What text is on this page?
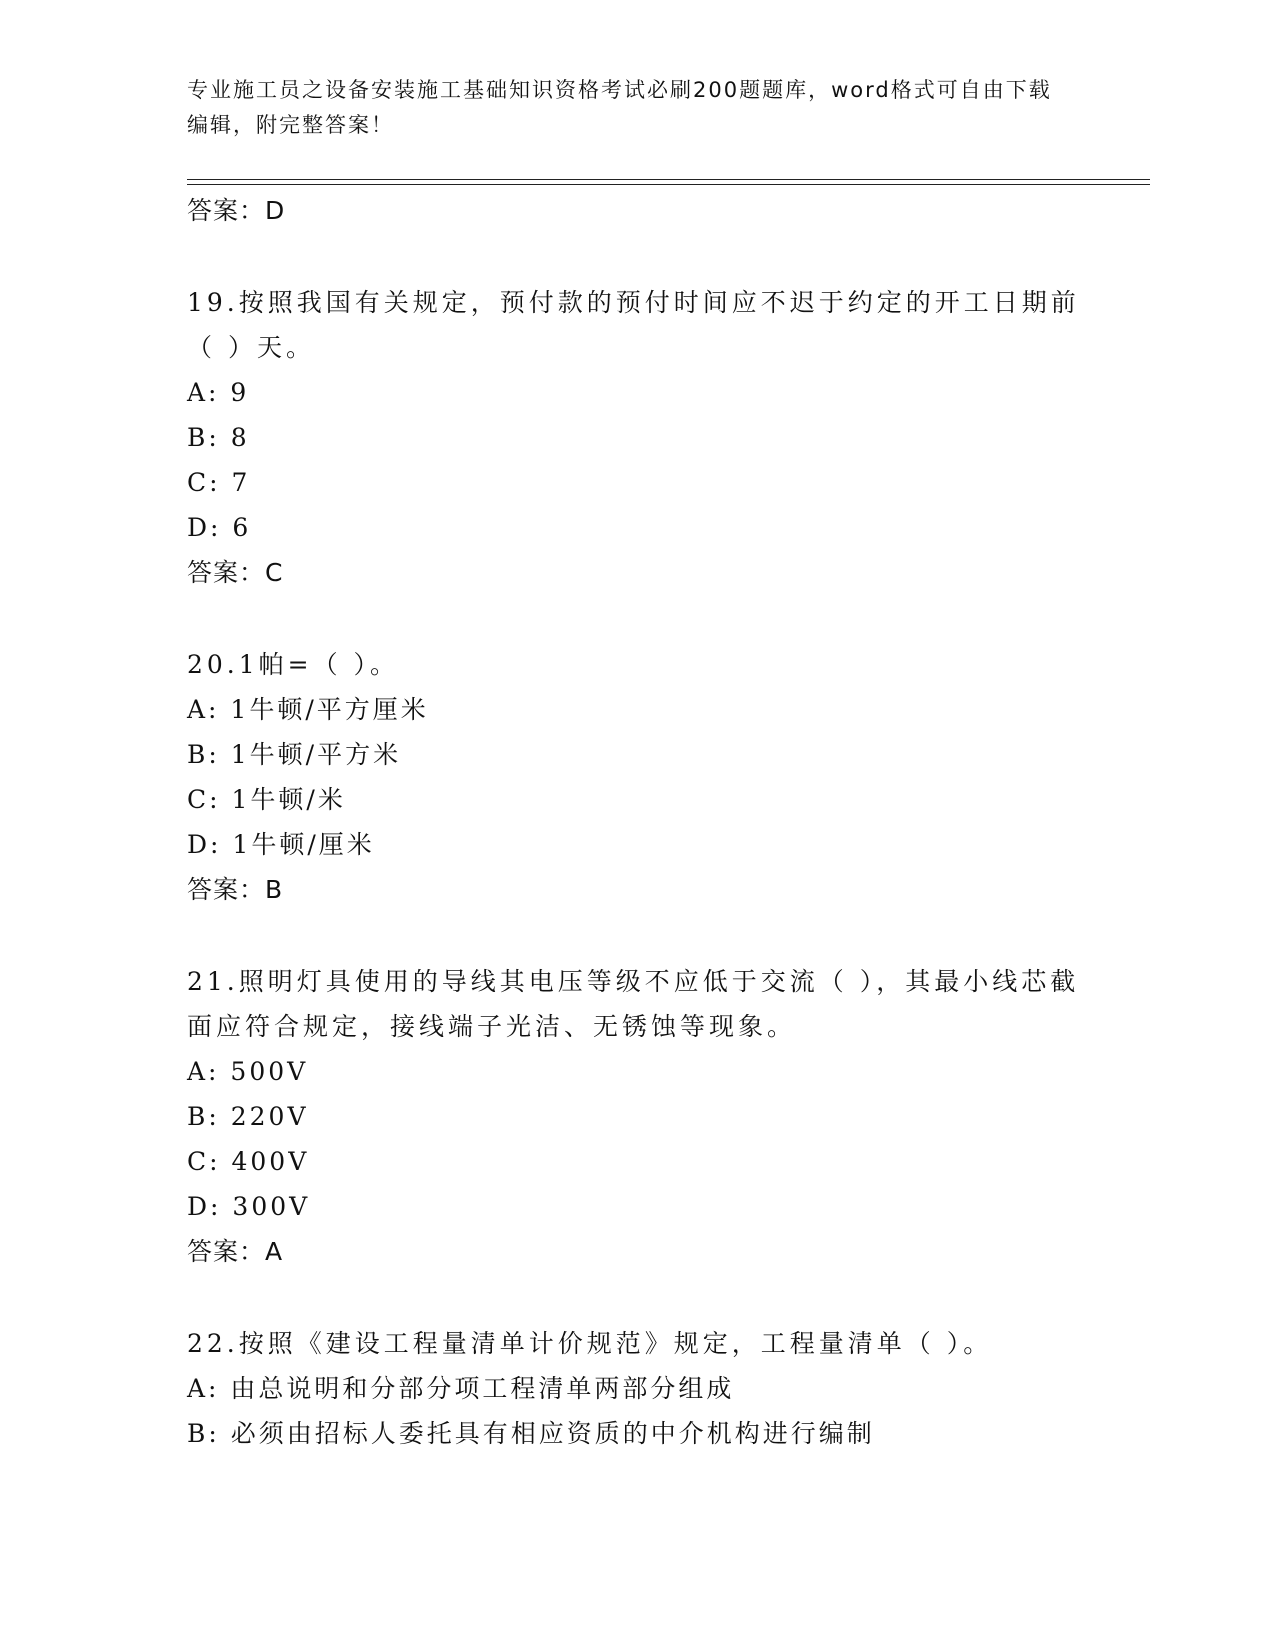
专业施工员之设备安装施工基础知识资格考试必刷200题题库，word格式可自由下载编辑，附完整答案！
答案：D
19.按照我国有关规定，预付款的预付时间应不迟于约定的开工日期前（ ）天。
A: 9
B: 8
C: 7
D: 6
答案：C
20.1帕=（ ）。
A: 1牛顿/平方厘米
B: 1牛顿/平方米
C: 1牛顿/米
D: 1牛顿/厘米
答案：B
21.照明灯具使用的导线其电压等级不应低于交流（ ），其最小线芯截面应符合规定，接线端子光洁、无锈蚀等现象。
A: 500V
B: 220V
C: 400V
D: 300V
答案：A
22.按照《建设工程量清单计价规范》规定，工程量清单（ ）。
A: 由总说明和分部分项工程清单两部分组成
B: 必须由招标人委托具有相应资质的中介机构进行编制
